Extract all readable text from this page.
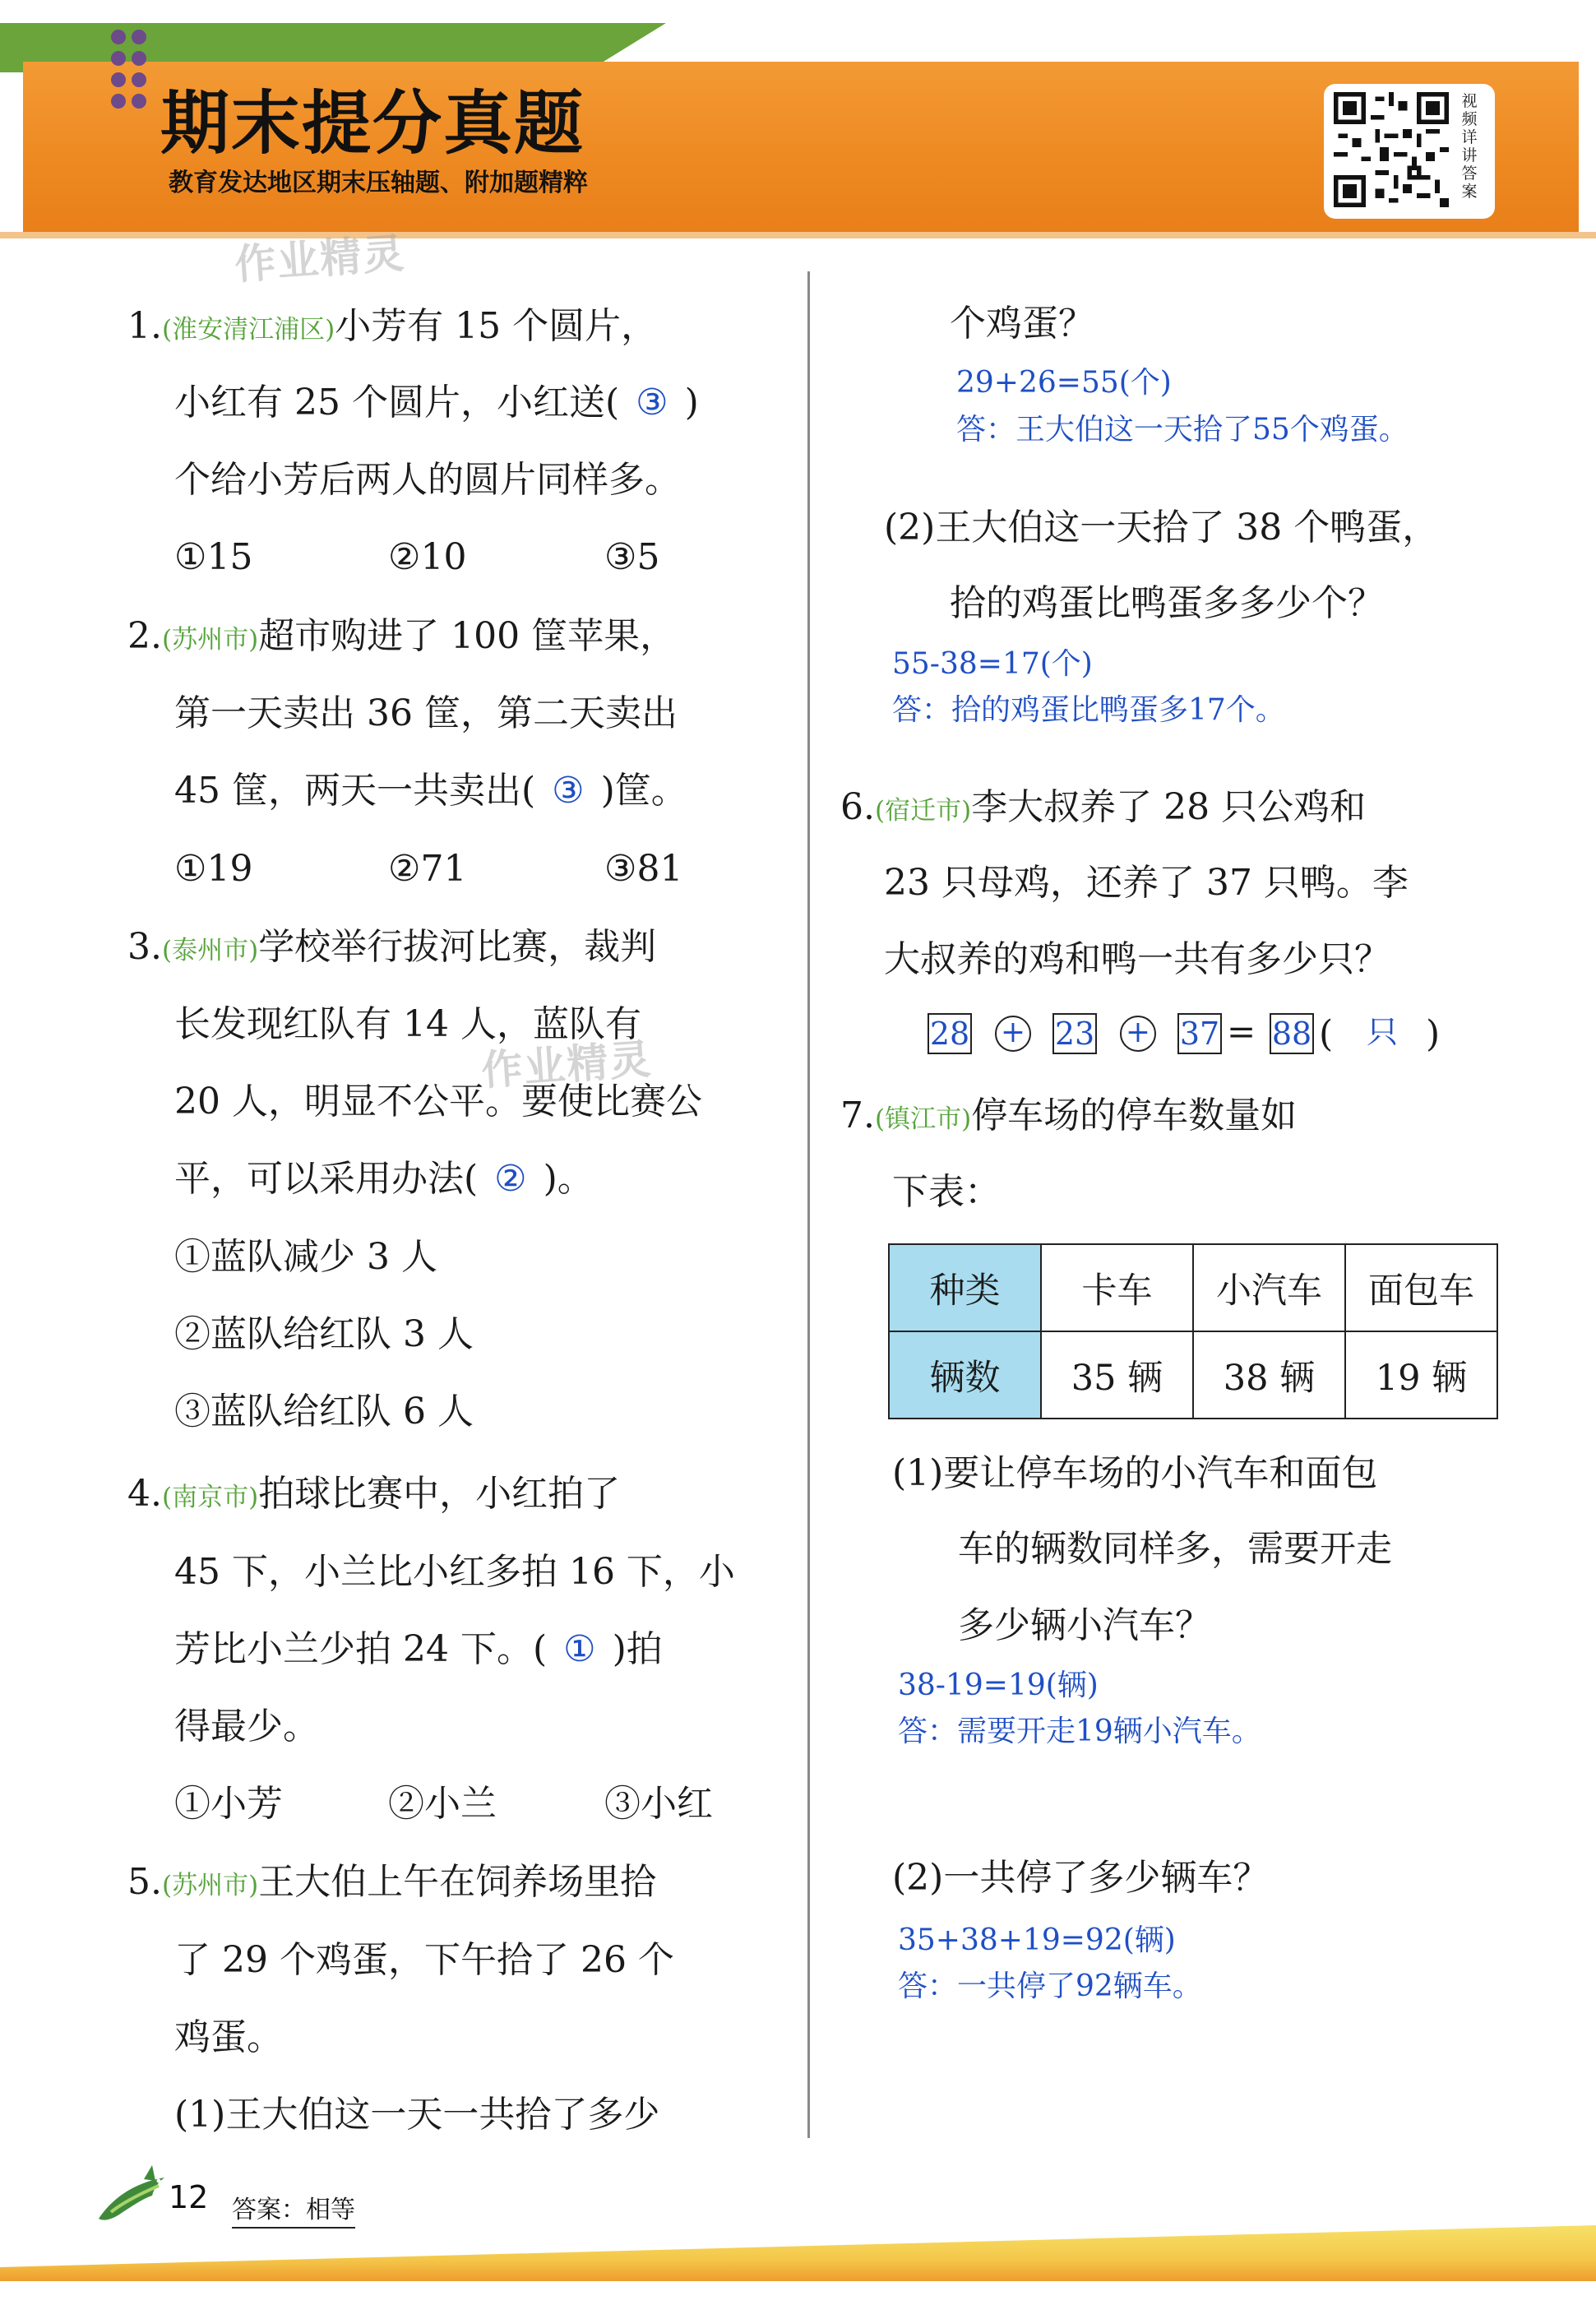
期末提分真题
教育发达地区期末压轴题、附加题精粹
视频详讲答案
作业精灵
作业精灵
1.(淮安清江浦区)小芳有 15 个圆片，
小红有 25 个圆片，小红送( ③ )
个给小芳后两人的圆片同样多。
①15	②10	③5
2.(苏州市)超市购进了 100 筐苹果，
第一天卖出 36 筐，第二天卖出
45 筐，两天一共卖出( ③ )筐。
①19	②71	③81
3.(泰州市)学校举行拔河比赛，裁判
长发现红队有 14 人，蓝队有
20 人，明显不公平。要使比赛公
平，可以采用办法( ② )。
①蓝队减少 3 人
②蓝队给红队 3 人
③蓝队给红队 6 人
4.(南京市)拍球比赛中，小红拍了
45 下，小兰比小红多拍 16 下，小
芳比小兰少拍 24 下。( ① )拍
得最少。
①小芳	②小兰	③小红
5.(苏州市)王大伯上午在饲养场里拾
了 29 个鸡蛋，下午拾了 26 个
鸡蛋。
(1)王大伯这一天一共拾了多少
个鸡蛋？
29+26=55(个)
答：王大伯这一天拾了55个鸡蛋。
(2)王大伯这一天拾了 38 个鸭蛋，
拾的鸡蛋比鸭蛋多多少个？
55-38=17(个)
答：拾的鸡蛋比鸭蛋多17个。
6.(宿迁市)李大叔养了 28 只公鸡和
23 只母鸡，还养了 37 只鸭。李
大叔养的鸡和鸭一共有多少只？
28 + 23 + 37 = 88 ( 只 )
7.(镇江市)停车场的停车数量如
下表：
种类	卡车	小汽车	面包车
辆数	35 辆	38 辆	19 辆
(1)要让停车场的小汽车和面包
车的辆数同样多，需要开走
多少辆小汽车？
38-19=19(辆)
答：需要开走19辆小汽车。
(2)一共停了多少辆车？
35+38+19=92(辆)
答：一共停了92辆车。
12 答案：相等
